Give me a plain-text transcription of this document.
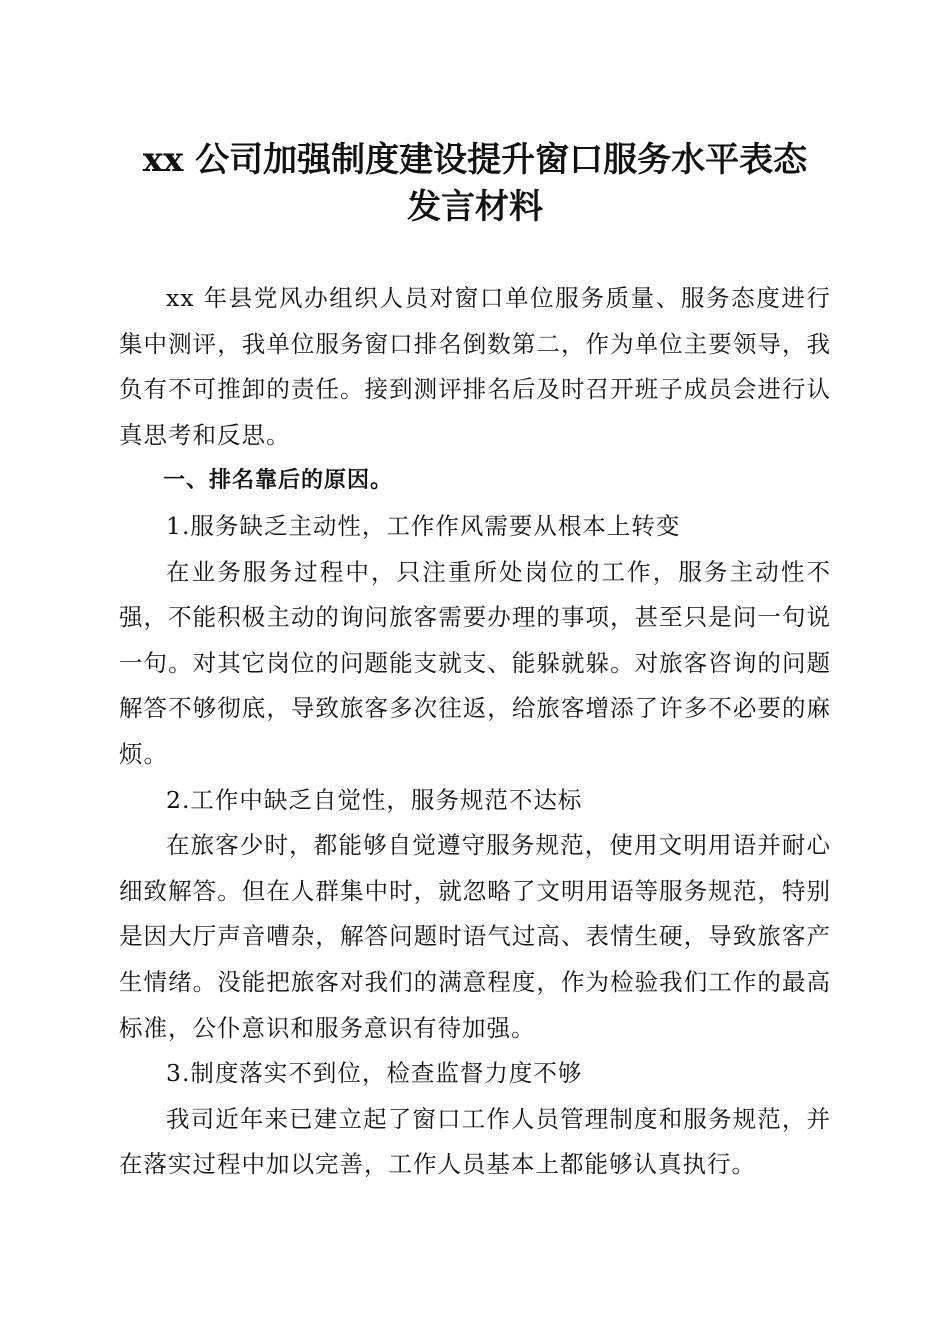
xx 公司加强制度建设提升窗口服务水平表态
发言材料

xx 年县党风办组织人员对窗口单位服务质量、服务态度进行集中测评，我单位服务窗口排名倒数第二，作为单位主要领导，我负有不可推卸的责任。接到测评排名后及时召开班子成员会进行认真思考和反思。

一、排名靠后的原因。

1.服务缺乏主动性，工作作风需要从根本上转变

在业务服务过程中，只注重所处岗位的工作，服务主动性不强，不能积极主动的询问旅客需要办理的事项，甚至只是问一句说一句。对其它岗位的问题能支就支、能躲就躲。对旅客咨询的问题解答不够彻底，导致旅客多次往返，给旅客增添了许多不必要的麻烦。

2.工作中缺乏自觉性，服务规范不达标

在旅客少时，都能够自觉遵守服务规范，使用文明用语并耐心细致解答。但在人群集中时，就忽略了文明用语等服务规范，特别是因大厅声音嘈杂，解答问题时语气过高、表情生硬，导致旅客产生情绪。没能把旅客对我们的满意程度，作为检验我们工作的最高标准，公仆意识和服务意识有待加强。

3.制度落实不到位，检查监督力度不够

我司近年来已建立起了窗口工作人员管理制度和服务规范，并在落实过程中加以完善，工作人员基本上都能够认真执行。
